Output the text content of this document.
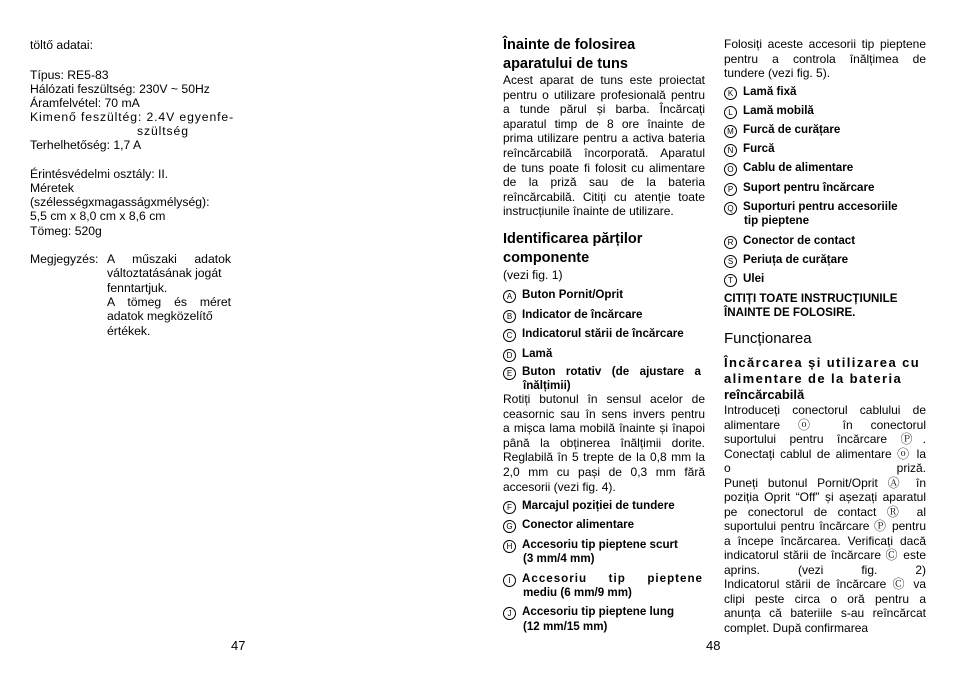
töltő adatai:
Típus: RE5-83
Hálózati feszültség: 230V ~ 50Hz
Áramfelvétel: 70 mA
Kimenő feszültég: 2.4V egyenfe-
szültség
Terhelhetőség: 1,7 A
Érintésvédelmi osztály: II.
Méretek
(szélességxmagasságxmélység):
5,5 cm x 8,0 cm x 8,6 cm
Tömeg: 520g
Megjegyzés: A műszaki adatok
változtatásának jogát
fenntartjuk.
A tömeg és méret
adatok megközelítő
értékek.
47
Înainte de folosirea
aparatului de tuns
Acest aparat de tuns este proiectat
pentru o utilizare profesională pentru
a tunde părul și barba. Încărcați
aparatul timp de 8 ore înainte de
prima utilizare pentru a activa bateria
reîncărcabilă încorporată. Aparatul
de tuns poate fi folosit cu alimentare
de la priză sau de la bateria
reîncărcabilă. Citiți cu atenție toate
instrucțiunile înainte de utilizare.
Identificarea părților
componente
(vezi fig. 1)
A Buton Pornit/Oprit
B Indicator de încărcare
C Indicatorul stării de încărcare
D Lamă
E Buton rotativ (de ajustare a
înălțimii)
Rotiți butonul în sensul acelor de
ceasornic sau în sens invers pentru
a mișca lama mobilă înainte și înapoi
până la obținerea înălțimii dorite.
Reglabilă în 5 trepte de la 0,8 mm la
2,0 mm cu pași de 0,3 mm fără
accesorii (vezi fig. 4).
F Marcajul poziției de tundere
G Conector alimentare
H Accesoriu tip pieptene scurt
(3 mm/4 mm)
I Accesoriu tip pieptene
mediu (6 mm/9 mm)
J Accesoriu tip pieptene lung
(12 mm/15 mm)
48
Folosiți aceste accesorii tip pieptene
pentru a controla înălțimea de
tundere (vezi fig. 5).
K Lamă fixă
L Lamă mobilă
M Furcă de curățare
N Furcă
O Cablu de alimentare
P Suport pentru încărcare
Q Suporturi pentru accesoriile
tip pieptene
R Conector de contact
S Periuța de curățare
T Ulei
CITIȚI TOATE INSTRUCȚIUNILE
ÎNAINTE DE FOLOSIRE.
Funcționarea
Încărcarea și utilizarea cu
alimentare de la bateria
reîncărcabilă
Introduceți conectorul cablului de
alimentare ⓞ în conectorul
suportului pentru încărcare Ⓟ.
Conectați cablul de alimentare ⓞ la
o priză.
Puneți butonul Pornit/Oprit Ⓐ în
poziția Oprit “Off” și așezați aparatul
pe conectorul de contact Ⓡ al
suportului pentru încărcare Ⓟ pentru
a începe încărcarea. Verificați dacă
indicatorul stării de încărcare Ⓒ este
aprins. (vezi fig. 2)
Indicatorul stării de încărcare Ⓒ va
clipi peste circa o oră pentru a
anunța că bateriile s-au reîncărcat
complet. După confirmarea
